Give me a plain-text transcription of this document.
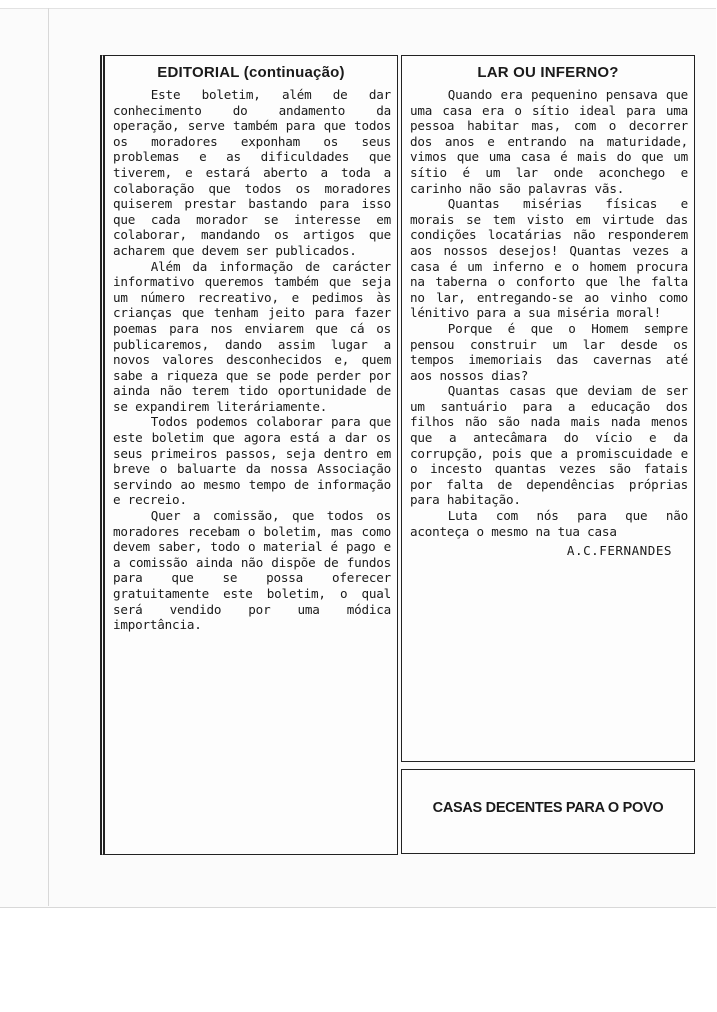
EDITORIAL (continuação)

Este boletim, além de dar conhecimento do andamento da operação, serve também para que todos os moradores exponham os seus problemas e as dificuldades que tiverem, e estará aberto a toda a colaboração que todos os moradores quiserem prestar bastando para isso que cada morador se interesse em colaborar, mandando os artigos que acharem que devem ser publicados.

Além da informação de carácter informativo queremos também que seja um número recreativo, e pedimos às crianças que tenham jeito para fazer poemas para nos enviarem que cá os publicaremos, dando assim lugar a novos valores desconhecidos e, quem sabe a riqueza que se pode perder por ainda não terem tido oportunidade de se expandirem literáriamente.

Todos podemos colaborar para que este boletim que agora está a dar os seus primeiros passos, seja dentro em breve o baluarte da nossa Associação servindo ao mesmo tempo de informação e recreio.

Quer a comissão, que todos os moradores recebam o boletim, mas como devem saber, todo o material é pago e a comissão ainda não dispõe de fundos para que se possa oferecer gratuitamente este boletim, o qual será vendido por uma módica importância.

LAR OU INFERNO?

Quando era pequenino pensava que uma casa era o sítio ideal para uma pessoa habitar mas, com o decorrer dos anos e entrando na maturidade, vimos que uma casa é mais do que um sítio é um lar onde aconchego e carinho não são palavras vãs.

Quantas misérias físicas e morais se tem visto em virtude das condições locatárias não responderem aos nossos desejos! Quantas vezes a casa é um inferno e o homem procura na taberna o conforto que lhe falta no lar, entregando-se ao vinho como lénitivo para a sua miséria moral!

Porque é que o Homem sempre pensou construir um lar desde os tempos imemoriais das cavernas até aos nossos dias?

Quantas casas que deviam de ser um santuário para a educação dos filhos não são nada mais nada menos que a antecâmara do vício e da corrupção, pois que a promiscuidade e o incesto quantas vezes são fatais por falta de dependências próprias para habitação.

Luta com nós para que não aconteça o mesmo na tua casa

A.C.FERNANDES
CASAS DECENTES PARA O POVO
